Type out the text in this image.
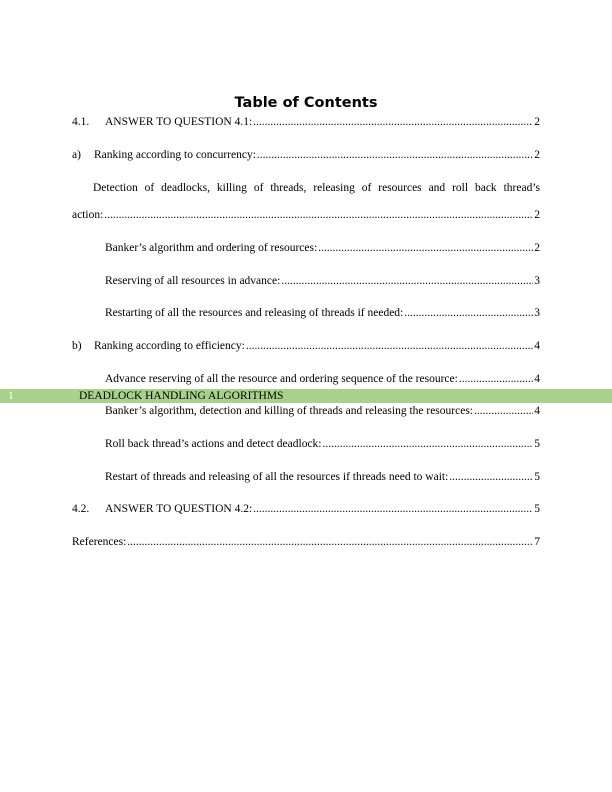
Table of Contents
4.1.	ANSWER TO QUESTION 4.1: .....	2
a)	Ranking according to concurrency: .....	2
Detection of deadlocks, killing of threads, releasing of resources and roll back thread’s
action: .....	2
Banker’s algorithm and ordering of resources: .....	2
Reserving of all resources in advance: .....	3
Restarting of all the resources and releasing of threads if needed: .....	3
b)	Ranking according to efficiency: .....	4
Advance reserving of all the resource and ordering sequence of the resource: .....	4
1	DEADLOCK HANDLING ALGORITHMS
Banker’s algorithm, detection and killing of threads and releasing the resources: .....	4
Roll back thread’s actions and detect deadlock: .....	5
Restart of threads and releasing of all the resources if threads need to wait: .....	5
4.2.	ANSWER TO QUESTION 4.2: .....	5
References: .....	7
